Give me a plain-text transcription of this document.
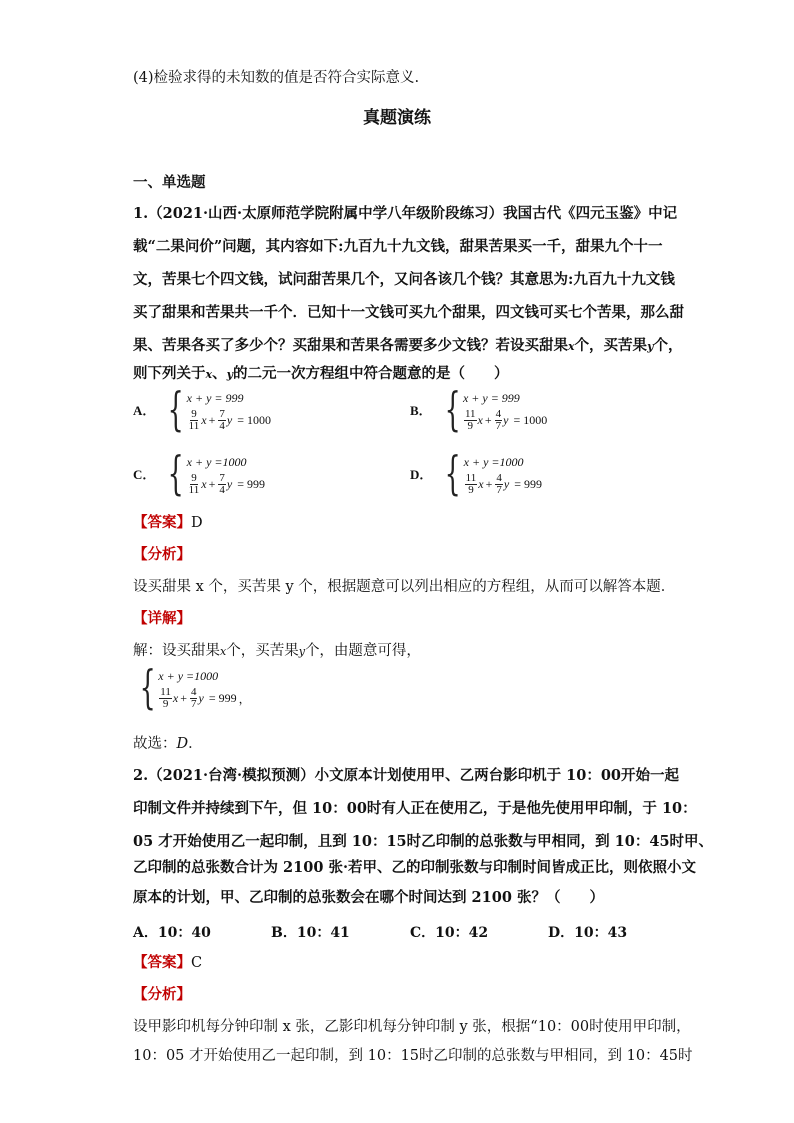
(4)检验求得的未知数的值是否符合实际意义.
真题演练
一、单选题
1.（2021·山西·太原师范学院附属中学八年级阶段练习）我国古代《四元玉鉴》中记
载“二果问价”问题，其内容如下:九百九十九文钱，甜果苦果买一千，甜果九个十一
文，苦果七个四文钱，试问甜苦果几个，又问各该几个钱？其意思为:九百九十九文钱
买了甜果和苦果共一千个．已知十一文钱可买九个甜果，四文钱可买七个苦果，那么甜
果、苦果各买了多少个？买甜果和苦果各需要多少文钱？若设买甜果x个，买苦果y个，
则下列关于x、y的二元一次方程组中符合题意的是（　　）
A． { x + y = 999
$\frac{9}{11}$ $x + \frac{7}{4}$ y = 1000
B． { x + y = 999
$\frac{11}{9}$ $x + \frac{4}{7}$ y = 1000
C． { x + y =1000
$\frac{9}{11}$ $x + \frac{7}{4}$ y = 999
D． { x + y =1000
$\frac{11}{9}$ $x + \frac{4}{7}$ y = 999
【答案】D
【分析】
设买甜果 x 个，买苦果 y 个，根据题意可以列出相应的方程组，从而可以解答本题．
【详解】
解：设买甜果x个，买苦果y个，由题意可得，
{ x + y =1000
$\frac{11}{9}$ $x + \frac{4}{7}$ y = 999 ，
故选：D．
2.（2021·台湾·模拟预测）小文原本计划使用甲、乙两台影印机于 10：00开始一起
印制文件并持续到下午，但 10：00时有人正在使用乙，于是他先使用甲印制，于 10：
05 才开始使用乙一起印制，且到 10：15时乙印制的总张数与甲相同，到 10：45时甲、
乙印制的总张数合计为 2100 张·若甲、乙的印制张数与印制时间皆成正比，则依照小文
原本的计划，甲、乙印制的总张数会在哪个时间达到 2100 张？（　　）
A．10：40	B．10：41	C．10：42	D．10：43
【答案】C
【分析】
设甲影印机每分钟印制 x 张，乙影印机每分钟印制 y 张，根据“10：00时使用甲印制，
10：05 才开始使用乙一起印制，到 10：15时乙印制的总张数与甲相同，到 10：45时
